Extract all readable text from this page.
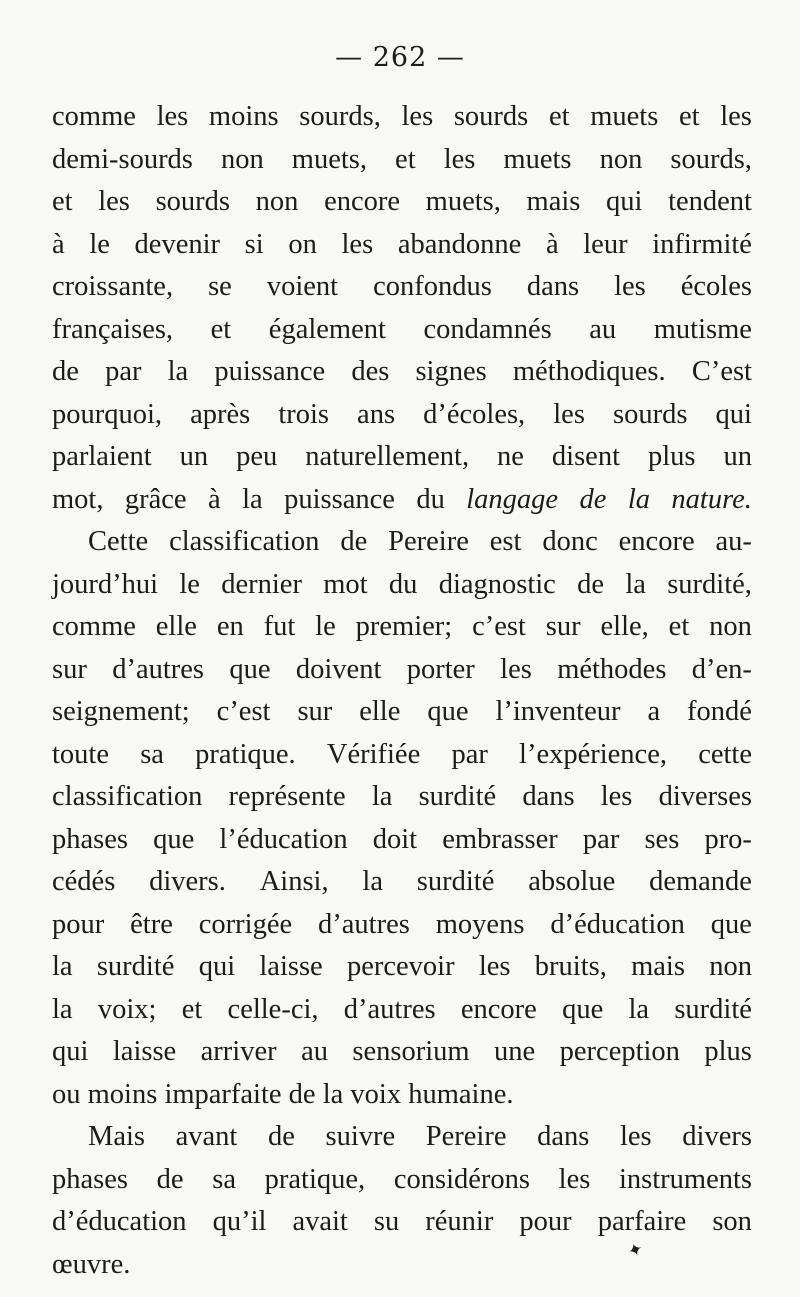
— 262 —
comme les moins sourds, les sourds et muets et les
demi-sourds non muets, et les muets non sourds,
et les sourds non encore muets, mais qui tendent
à le devenir si on les abandonne à leur infirmité
croissante, se voient confondus dans les écoles
françaises, et également condamnés au mutisme
de par la puissance des signes méthodiques. C’est
pourquoi, après trois ans d’écoles, les sourds qui
parlaient un peu naturellement, ne disent plus un
mot, grâce à la puissance du langage de la nature.
Cette classification de Pereire est donc encore au-
jourd’hui le dernier mot du diagnostic de la surdité,
comme elle en fut le premier; c’est sur elle, et non
sur d’autres que doivent porter les méthodes d’en-
seignement; c’est sur elle que l’inventeur a fondé
toute sa pratique. Vérifiée par l’expérience, cette
classification représente la surdité dans les diverses
phases que l’éducation doit embrasser par ses pro-
cédés divers. Ainsi, la surdité absolue demande
pour être corrigée d’autres moyens d’éducation que
la surdité qui laisse percevoir les bruits, mais non
la voix; et celle-ci, d’autres encore que la surdité
qui laisse arriver au sensorium une perception plus
ou
moins
imparfaite
de
la
voix
humaine.
Mais avant de suivre Pereire dans les divers
phases de sa pratique, considérons les instruments
d’éducation qu’il avait su réunir pour parfaire son
œuvre.	✦
